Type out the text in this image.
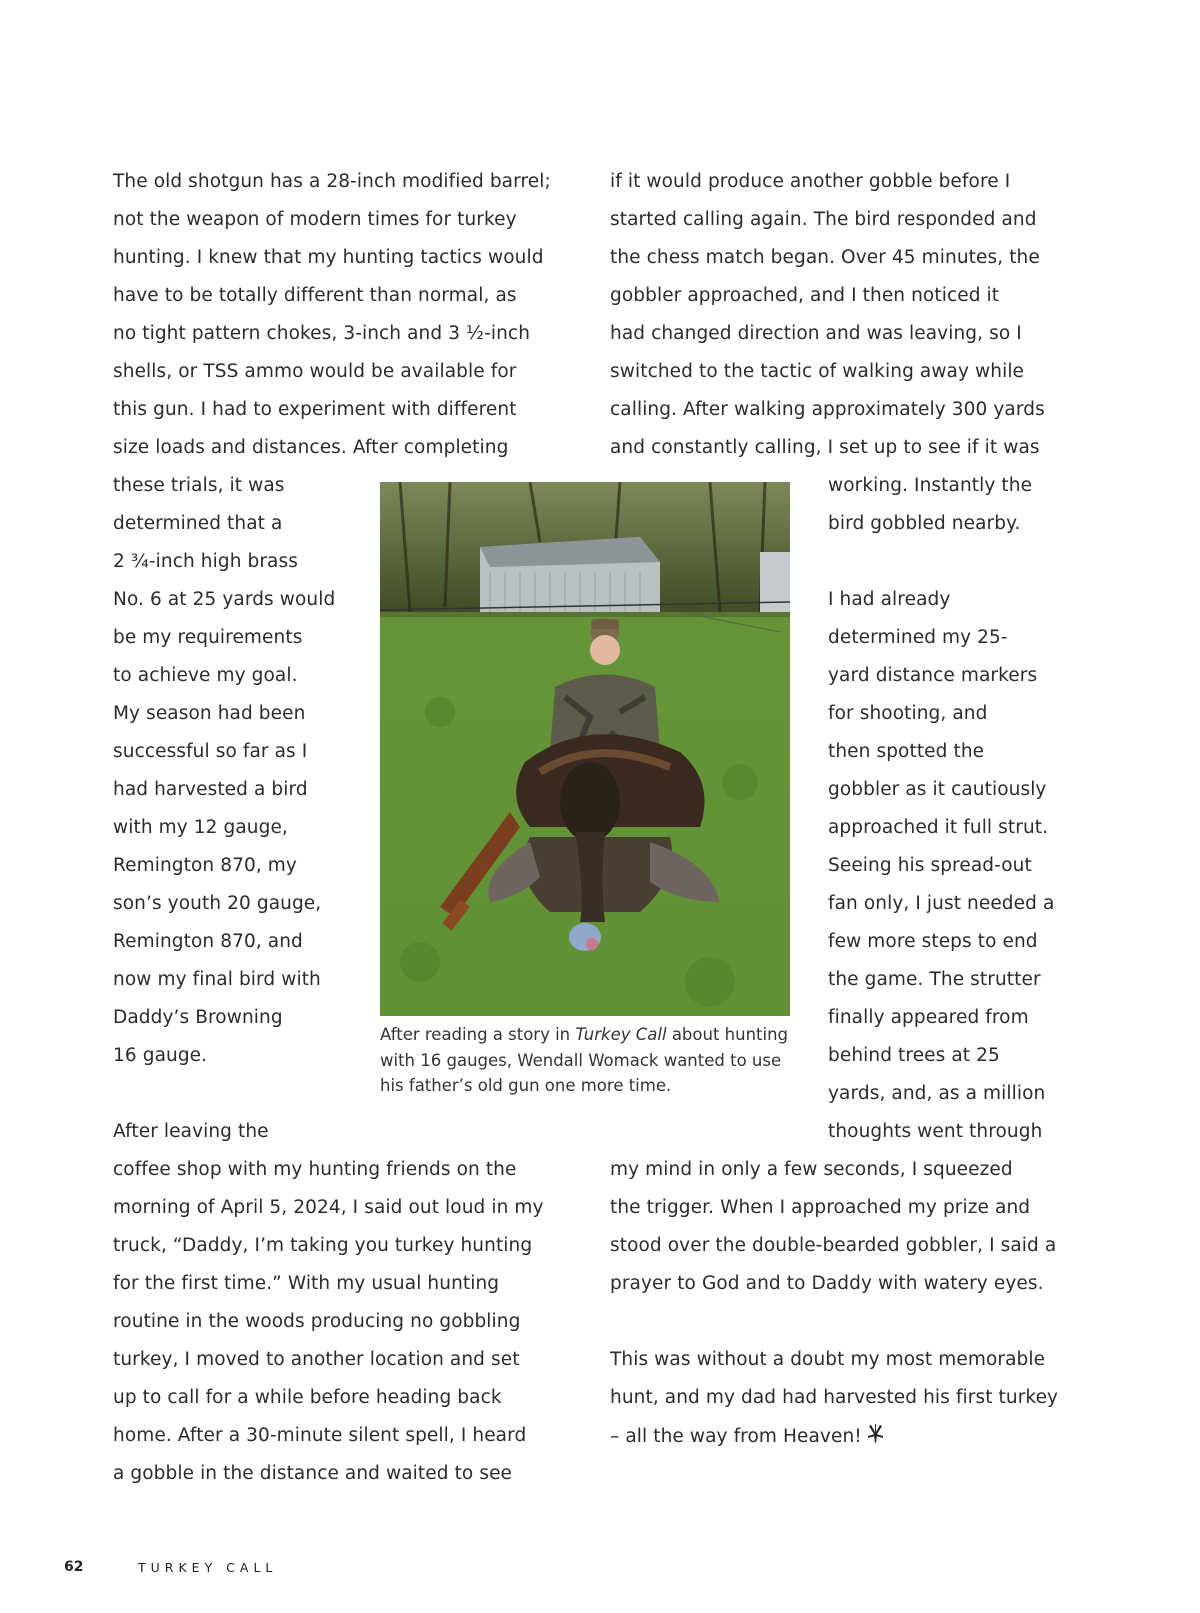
The old shotgun has a 28-inch modified barrel;
not the weapon of modern times for turkey
hunting. I knew that my hunting tactics would
have to be totally different than normal, as
no tight pattern chokes, 3-inch and 3 ½-inch
shells, or TSS ammo would be available for
this gun. I had to experiment with different
size loads and distances. After completing
these trials, it was
determined that a
2 ¾-inch high brass
No. 6 at 25 yards would
be my requirements
to achieve my goal.
My season had been
successful so far as I
had harvested a bird
with my 12 gauge,
Remington 870, my
son’s youth 20 gauge,
Remington 870, and
now my final bird with
Daddy’s Browning
16 gauge.
After leaving the
coffee shop with my hunting friends on the
morning of April 5, 2024, I said out loud in my
truck, “Daddy, I’m taking you turkey hunting
for the first time.” With my usual hunting
routine in the woods producing no gobbling
turkey, I moved to another location and set
up to call for a while before heading back
home. After a 30-minute silent spell, I heard
a gobble in the distance and waited to see
if it would produce another gobble before I
started calling again. The bird responded and
the chess match began. Over 45 minutes, the
gobbler approached, and I then noticed it
had changed direction and was leaving, so I
switched to the tactic of walking away while
calling. After walking approximately 300 yards
and constantly calling, I set up to see if it was
working. Instantly the
bird gobbled nearby.
I had already
determined my 25-
yard distance markers
for shooting, and
then spotted the
gobbler as it cautiously
approached it full strut.
Seeing his spread-out
fan only, I just needed a
few more steps to end
the game. The strutter
finally appeared from
behind trees at 25
yards, and, as a million
thoughts went through
my mind in only a few seconds, I squeezed
the trigger. When I approached my prize and
stood over the double-bearded gobbler, I said a
prayer to God and to Daddy with watery eyes.
This was without a doubt my most memorable
hunt, and my dad had harvested his first turkey
– all the way from Heaven!
After reading a story in Turkey Call about hunting
with 16 gauges, Wendall Womack wanted to use
his father’s old gun one more time.
62	TURKEY CALL
